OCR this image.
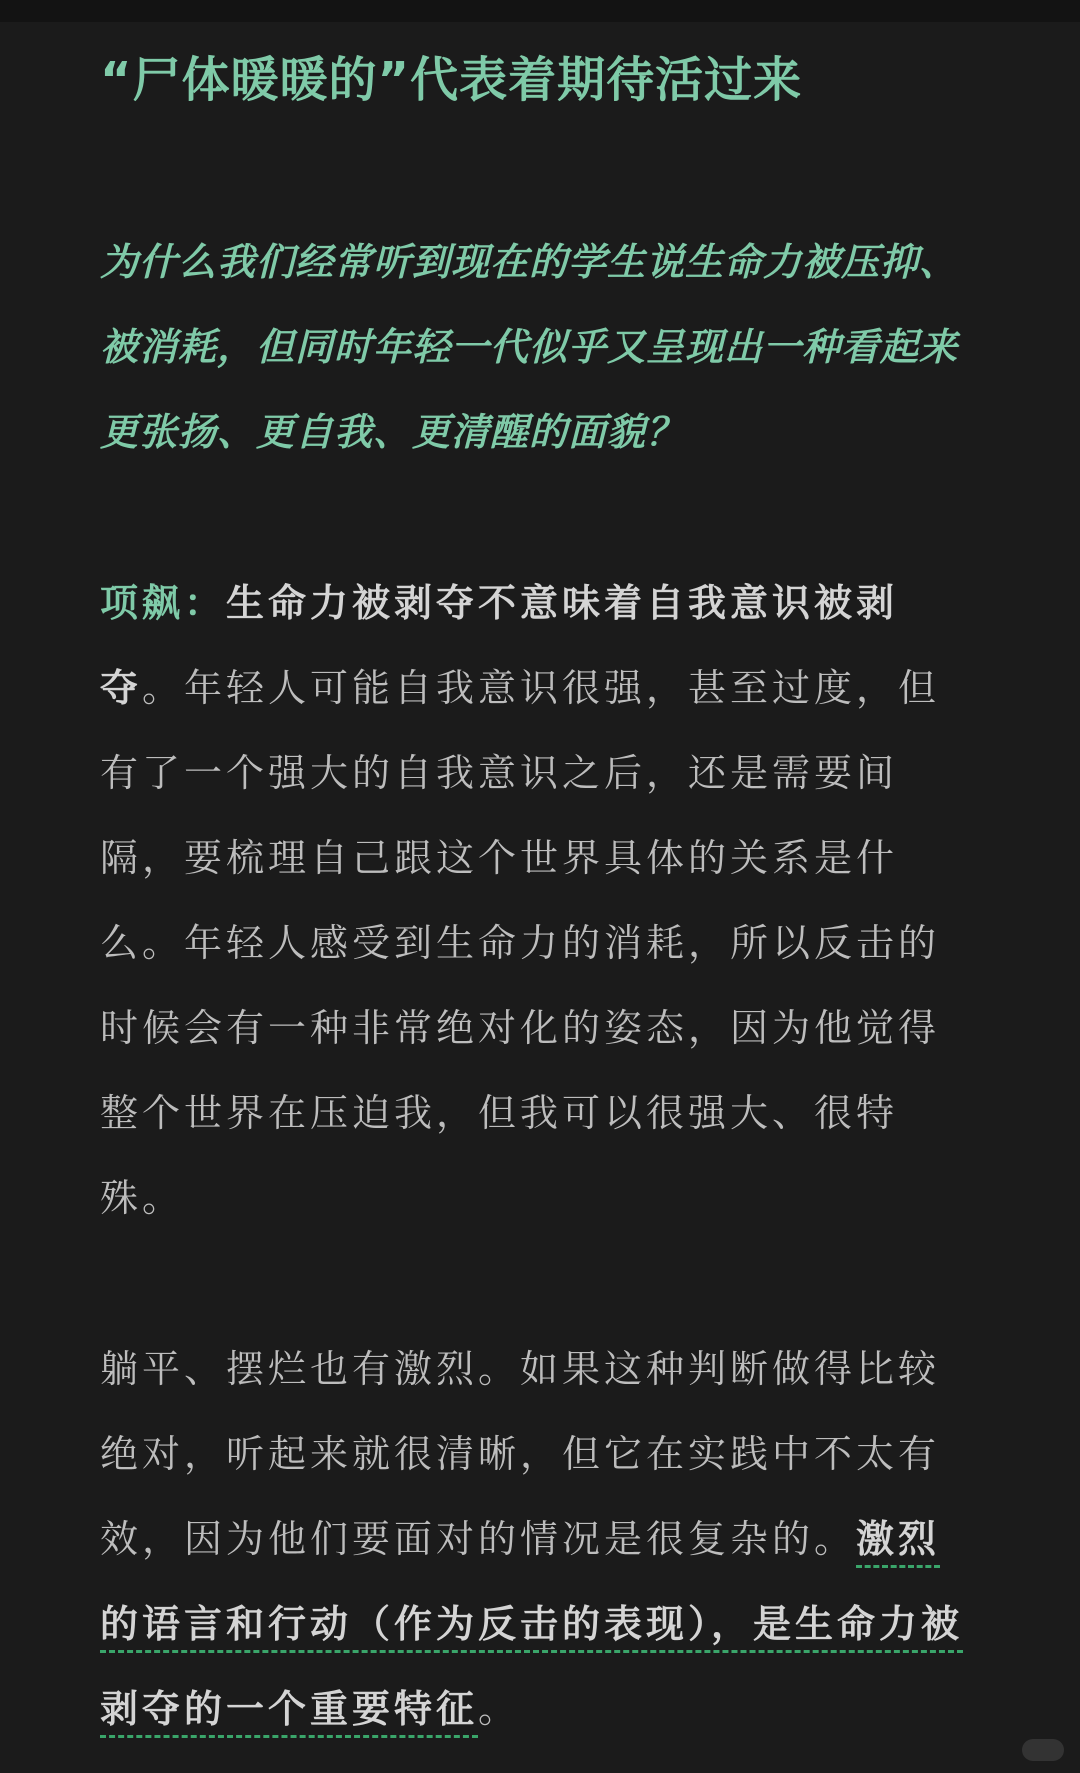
“尸体暖暖的”代表着期待活过来

为什么我们经常听到现在的学生说生命力被压抑、被消耗，但同时年轻一代似乎又呈现出一种看起来更张扬、更自我、更清醒的面貌？

项飙：生命力被剥夺不意味着自我意识被剥夺。年轻人可能自我意识很强，甚至过度，但有了一个强大的自我意识之后，还是需要间隔，要梳理自己跟这个世界具体的关系是什么。年轻人感受到生命力的消耗，所以反击的时候会有一种非常绝对化的姿态，因为他觉得整个世界在压迫我，但我可以很强大、很特殊。

躺平、摆烂也有激烈。如果这种判断做得比较绝对，听起来就很清晰，但它在实践中不太有效，因为他们要面对的情况是很复杂的。激烈的语言和行动（作为反击的表现），是生命力被剥夺的一个重要特征。
